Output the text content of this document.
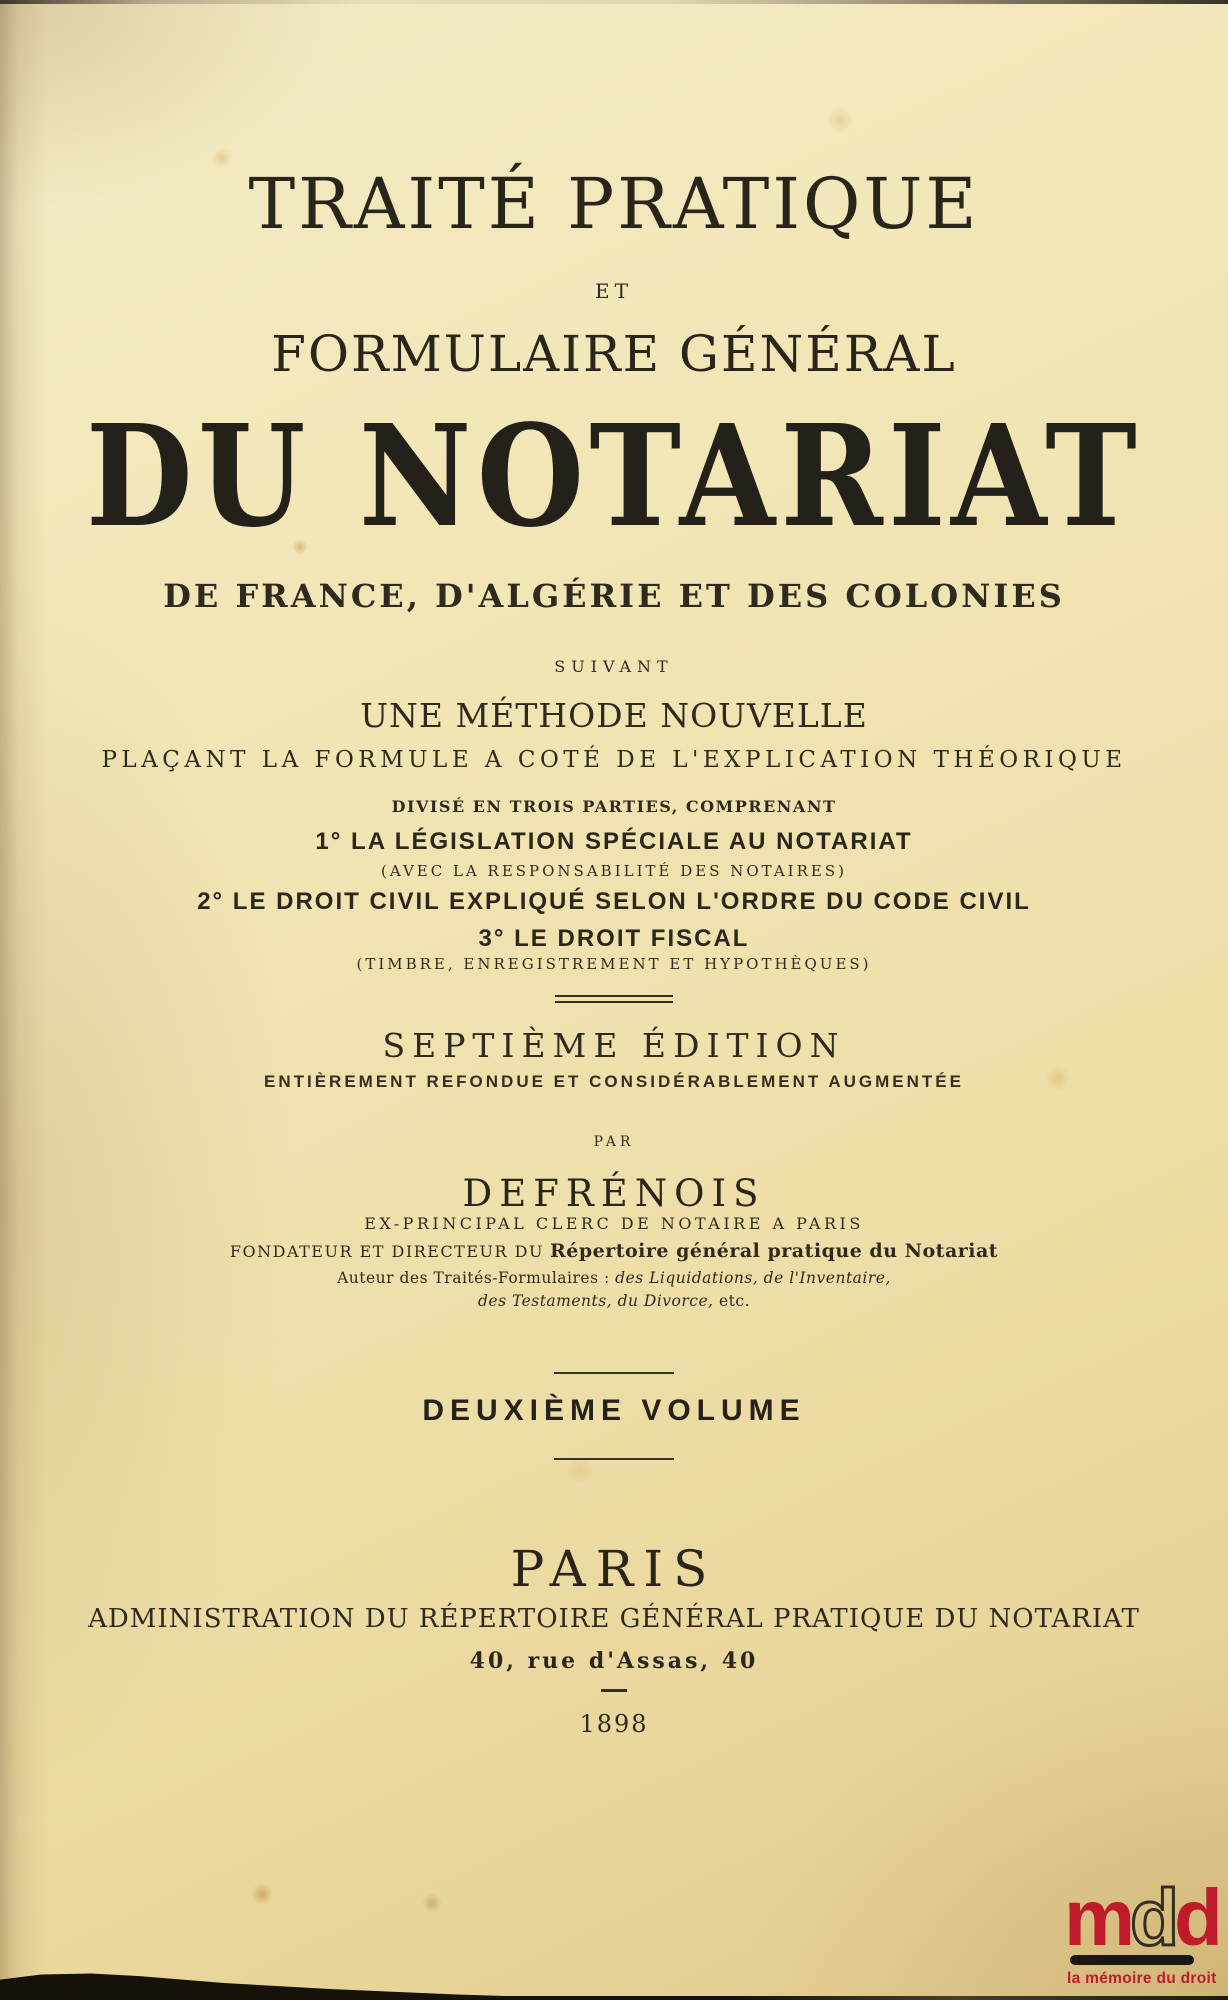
TRAITÉ PRATIQUE
ET
FORMULAIRE GÉNÉRAL
DU NOTARIAT
DE FRANCE, D'ALGÉRIE ET DES COLONIES
SUIVANT
UNE MÉTHODE NOUVELLE
PLAÇANT LA FORMULE A COTÉ DE L'EXPLICATION THÉORIQUE
DIVISÉ EN TROIS PARTIES, COMPRENANT
1° LA LÉGISLATION SPÉCIALE AU NOTARIAT
(AVEC LA RESPONSABILITÉ DES NOTAIRES)
2° LE DROIT CIVIL EXPLIQUÉ SELON L'ORDRE DU CODE CIVIL
3° LE DROIT FISCAL
(TIMBRE, ENREGISTREMENT ET HYPOTHÈQUES)
SEPTIÈME ÉDITION
ENTIÈREMENT REFONDUE ET CONSIDÉRABLEMENT AUGMENTÉE
PAR
DEFRÉNOIS
EX-PRINCIPAL CLERC DE NOTAIRE A PARIS
FONDATEUR ET DIRECTEUR DU Répertoire général pratique du Notariat
Auteur des Traités-Formulaires : des Liquidations, de l'Inventaire,
des Testaments, du Divorce, etc.
DEUXIÈME VOLUME
PARIS
ADMINISTRATION DU RÉPERTOIRE GÉNÉRAL PRATIQUE DU NOTARIAT
40, rue d'Assas, 40
1898
mdd
la mémoire du droit
